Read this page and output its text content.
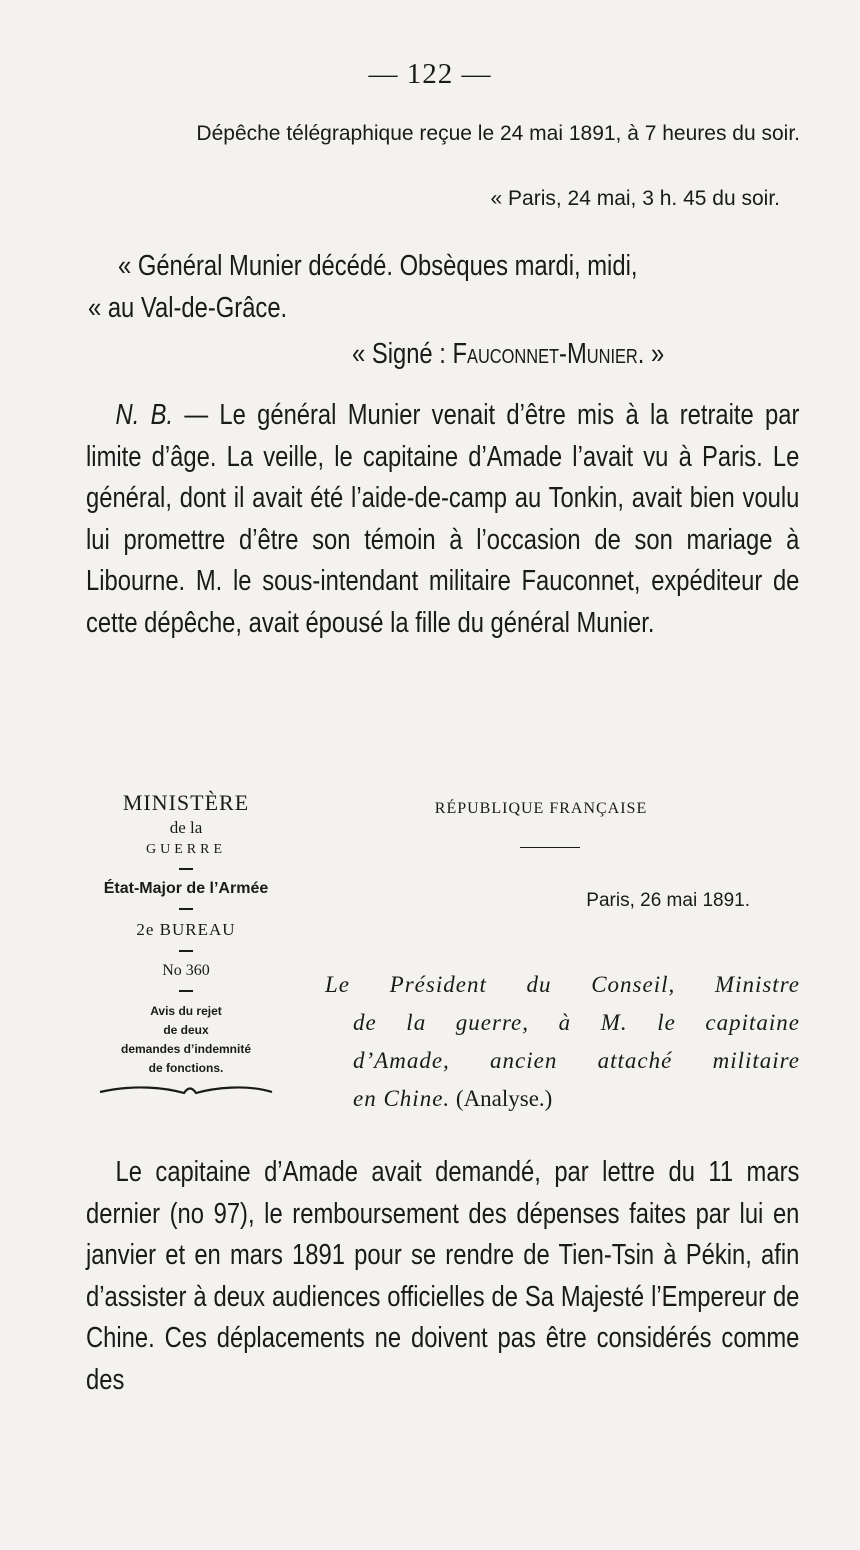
— 122 —
Dépêche télégraphique reçue le 24 mai 1891, à 7 heures du soir.
« Paris, 24 mai, 3 h. 45 du soir.
« Général Munier décédé. Obsèques mardi, midi,
« au Val-de-Grâce.
« Signé : Fauconnet-Munier. »
N. B. — Le général Munier venait d’être mis à la retraite par limite d’âge. La veille, le capitaine d’Amade l’avait vu à Paris. Le général, dont il avait été l’aide-de-camp au Tonkin, avait bien voulu lui promettre d’être son témoin à l’occasion de son mariage à Libourne. M. le sous-intendant militaire Fauconnet, expéditeur de cette dépêche, avait épousé la fille du général Munier.
MINISTÈRE
de la
GUERRE
État-Major de l’Armée
2e BUREAU
No 360
Avis du rejet
de deux
demandes d’indemnité
de fonctions.
RÉPUBLIQUE FRANÇAISE
Paris, 26 mai 1891.
Le Président du Conseil, Ministre
de la guerre, à M. le capitaine
d’Amade, ancien attaché militaire
en Chine. (Analyse.)
Le capitaine d’Amade avait demandé, par lettre du 11 mars dernier (no 97), le remboursement des dépenses faites par lui en janvier et en mars 1891 pour se rendre de Tien-Tsin à Pékin, afin d’assister à deux audiences officielles de Sa Majesté l’Empereur de Chine. Ces déplacements ne doivent pas être considérés comme des
